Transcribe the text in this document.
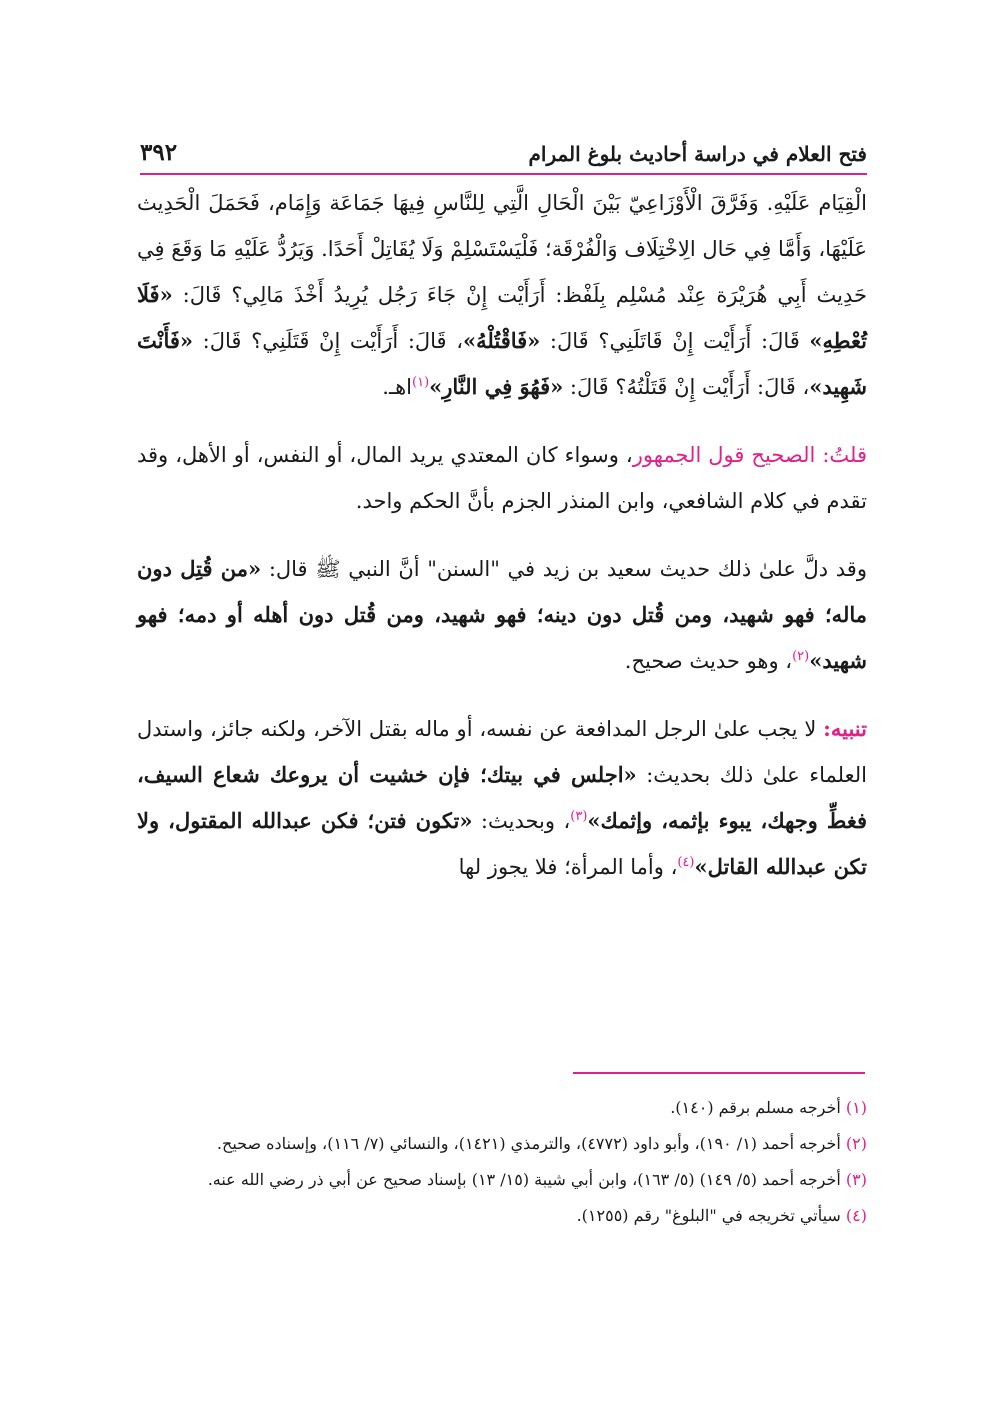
فتح العلام في دراسة أحاديث بلوغ المرام
٣٩٢

الْقِيَام عَلَيْهِ. وَفَرَّقَ الْأَوْزَاعِيّ بَيْنَ الْحَالِ الَّتِي لِلنَّاسِ فِيهَا جَمَاعَة وَإِمَام، فَحَمَلَ الْحَدِيث عَلَيْهَا، وَأَمَّا فِي حَال الِاخْتِلَاف وَالْفُرْقَة؛ فَلْيَسْتَسْلِمْ وَلَا يُقَاتِلْ أَحَدًا. وَيَرُدُّ عَلَيْهِ مَا وَقَعَ فِي حَدِيث أَبِي هُرَيْرَة عِنْد مُسْلِم بِلَفْظ: أَرَأَيْت إِنْ جَاءَ رَجُل يُرِيدُ أَخْذَ مَالِي؟ قَالَ: «فَلَا تُعْطِهِ» قَالَ: أَرَأَيْت إِنْ قَاتَلَنِي؟ قَالَ: «فَاقْتُلْهُ»، قَالَ: أَرَأَيْت إِنْ قَتَلَنِي؟ قَالَ: «فَأَنْتَ شَهِيد»، قَالَ: أَرَأَيْت إِنْ قَتَلْتُهُ؟ قَالَ: «فَهُوَ فِي النَّارِ»$^{(١)}$اهـ.

قلتُ: الصحيح قول الجمهور، وسواء كان المعتدي يريد المال، أو النفس، أو الأهل، وقد تقدم في كلام الشافعي، وابن المنذر الجزم بأنَّ الحكم واحد.

وقد دلَّ علىٰ ذلك حديث سعيد بن زيد في "السنن" أنَّ النبي ﷺ قال: «من قُتِل دون ماله؛ فهو شهيد، ومن قُتل دون دينه؛ فهو شهيد، ومن قُتل دون أهله أو دمه؛ فهو شهيد»$^{(٢)}$، وهو حديث صحيح.

تنبيه: لا يجب علىٰ الرجل المدافعة عن نفسه، أو ماله بقتل الآخر، ولكنه جائز، واستدل العلماء علىٰ ذلك بحديث: «اجلس في بيتك؛ فإن خشيت أن يروعك شعاع السيف، فغطِّ وجهك، يبوء بإثمه، وإثمك»$^{(٣)}$، وبحديث: «تكون فتن؛ فكن عبدالله المقتول، ولا تكن عبدالله القاتل»$^{(٤)}$، وأما المرأة؛ فلا يجوز لها

(١) أخرجه مسلم برقم (١٤٠).

(٢) أخرجه أحمد (١/ ١٩٠)، وأبو داود (٤٧٧٢)، والترمذي (١٤٢١)، والنسائي (٧/ ١١٦)، وإسناده صحيح.

(٣) أخرجه أحمد (٥/ ١٤٩) (٥/ ١٦٣)، وابن أبي شيبة (١٥/ ١٣) بإسناد صحيح عن أبي ذر رضي الله عنه.

(٤) سيأتي تخريجه في "البلوغ" رقم (١٢٥٥).
